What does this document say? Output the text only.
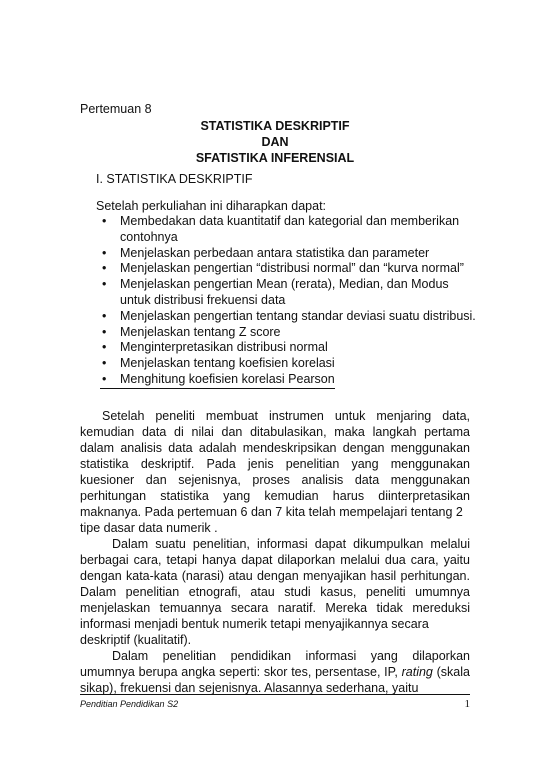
Pertemuan 8
STATISTIKA DESKRIPTIF
DAN
SFATISTIKA INFERENSIAL
I. STATISTIKA DESKRIPTIF
Setelah perkuliahan ini diharapkan dapat:
• Membedakan data kuantitatif dan kategorial dan memberikan contohnya
• Menjelaskan perbedaan antara statistika dan parameter
• Menjelaskan pengertian “distribusi normal” dan “kurva normal”
• Menjelaskan pengertian Mean (rerata), Median, dan Modus untuk distribusi frekuensi data
• Menjelaskan pengertian tentang standar deviasi suatu distribusi.
• Menjelaskan tentang Z score
• Menginterpretasikan distribusi normal
• Menjelaskan tentang koefisien korelasi
• Menghitung koefisien korelasi Pearson

Setelah peneliti membuat instrumen untuk menjaring data, kemudian data di nilai dan ditabulasikan, maka langkah pertama dalam analisis data adalah mendeskripsikan dengan menggunakan statistika deskriptif. Pada jenis penelitian yang menggunakan kuesioner dan sejenisnya, proses analisis data menggunakan perhitungan statistika yang kemudian harus diinterpretasikan maknanya. Pada pertemuan 6 dan 7 kita telah mempelajari tentang 2

tipe dasar data numerik .

Dalam suatu penelitian, informasi dapat dikumpulkan melalui berbagai cara, tetapi hanya dapat dilaporkan melalui dua cara, yaitu dengan kata-kata (narasi) atau dengan menyajikan hasil perhitungan. Dalam penelitian etnografi, atau studi kasus, peneliti umumnya menjelaskan temuannya secara naratif. Mereka tidak mereduksi informasi menjadi bentuk numerik tetapi menyajikannya secara

deskriptif (kualitatif).

Dalam penelitian pendidikan informasi yang dilaporkan umumnya berupa angka seperti: skor tes, persentase, IP, rating (skala sikap), frekuensi dan sejenisnya. Alasannya sederhana, yaitu

Penditian Pendidikan S2	1
